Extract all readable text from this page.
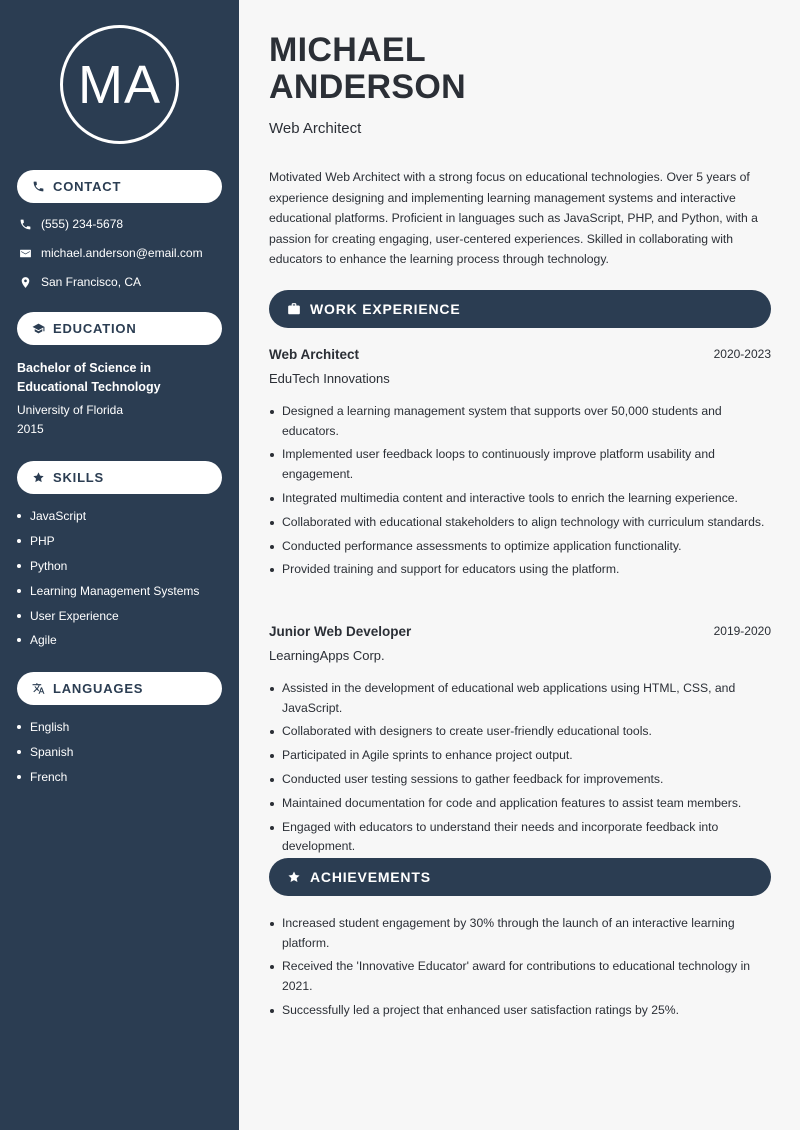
MA
CONTACT
(555) 234-5678
michael.anderson@email.com
San Francisco, CA
EDUCATION
Bachelor of Science in
Educational Technology
University of Florida
2015
SKILLS
JavaScript
PHP
Python
Learning Management Systems
User Experience
Agile
LANGUAGES
English
Spanish
French
MICHAEL
ANDERSON
Web Architect

Motivated Web Architect with a strong focus on educational technologies. Over 5 years of experience designing and implementing learning management systems and interactive educational platforms. Proficient in languages such as JavaScript, PHP, and Python, with a passion for creating engaging, user-centered experiences. Skilled in collaborating with educators to enhance the learning process through technology.

WORK EXPERIENCE
Web Architect	2020-2023
EduTech Innovations
Designed a learning management system that supports over 50,000 students and educators.
Implemented user feedback loops to continuously improve platform usability and engagement.
Integrated multimedia content and interactive tools to enrich the learning experience.
Collaborated with educational stakeholders to align technology with curriculum standards.
Conducted performance assessments to optimize application functionality.
Provided training and support for educators using the platform.
Junior Web Developer	2019-2020
LearningApps Corp.
Assisted in the development of educational web applications using HTML, CSS, and JavaScript.
Collaborated with designers to create user-friendly educational tools.
Participated in Agile sprints to enhance project output.
Conducted user testing sessions to gather feedback for improvements.
Maintained documentation for code and application features to assist team members.
Engaged with educators to understand their needs and incorporate feedback into development.
ACHIEVEMENTS
Increased student engagement by 30% through the launch of an interactive learning platform.
Received the 'Innovative Educator' award for contributions to educational technology in 2021.
Successfully led a project that enhanced user satisfaction ratings by 25%.
